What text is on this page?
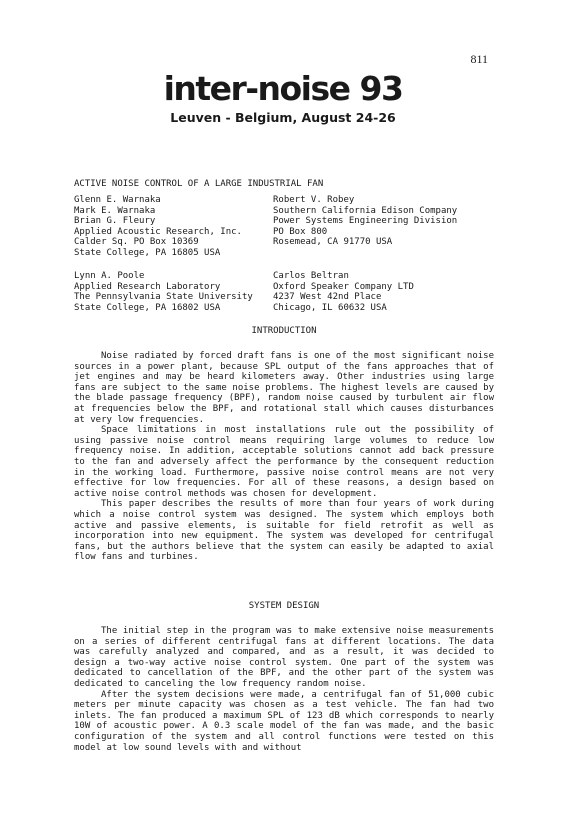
811
inter-noise 93
Leuven - Belgium, August 24-26
ACTIVE NOISE CONTROL OF A LARGE INDUSTRIAL FAN
Glenn E. Warnaka
Mark E. Warnaka
Brian G. Fleury
Applied Acoustic Research, Inc.
Calder Sq. PO Box 10369
State College, PA 16805 USA
Robert V. Robey
Southern California Edison Company
Power Systems Engineering Division
PO Box 800
Rosemead, CA 91770 USA
Lynn A. Poole
Applied Research Laboratory
The Pennsylvania State University
State College, PA 16802 USA
Carlos Beltran
Oxford Speaker Company LTD
4237 West 42nd Place
Chicago, IL 60632 USA
INTRODUCTION

Noise radiated by forced draft fans is one of the most significant noise sources in a power plant, because SPL output of the fans approaches that of jet engines and may be heard kilometers away. Other industries using large fans are subject to the same noise problems. The highest levels are caused by the blade passage frequency (BPF), random noise caused by turbulent air flow at frequencies below the BPF, and rotational stall which causes disturbances at very low frequencies.

Space limitations in most installations rule out the possibility of using passive noise control means requiring large volumes to reduce low frequency noise. In addition, acceptable solutions cannot add back pressure to the fan and adversely affect the performance by the consequent reduction in the working load. Furthermore, passive noise control means are not very effective for low frequencies. For all of these reasons, a design based on active noise control methods was chosen for development.

This paper describes the results of more than four years of work during which a noise control system was designed. The system which employs both active and passive elements, is suitable for field retrofit as well as incorporation into new equipment. The system was developed for centrifugal fans, but the authors believe that the system can easily be adapted to axial flow fans and turbines.

SYSTEM DESIGN

The initial step in the program was to make extensive noise measurements on a series of different centrifugal fans at different locations. The data was carefully analyzed and compared, and as a result, it was decided to design a two-way active noise control system. One part of the system was dedicated to cancellation of the BPF, and the other part of the system was dedicated to canceling the low frequency random noise.

After the system decisions were made, a centrifugal fan of 51,000 cubic meters per minute capacity was chosen as a test vehicle. The fan had two inlets. The fan produced a maximum SPL of 123 dB which corresponds to nearly 10W of acoustic power. A 0.3 scale model of the fan was made, and the basic configuration of the system and all control functions were tested on this model at low sound levels with and without
